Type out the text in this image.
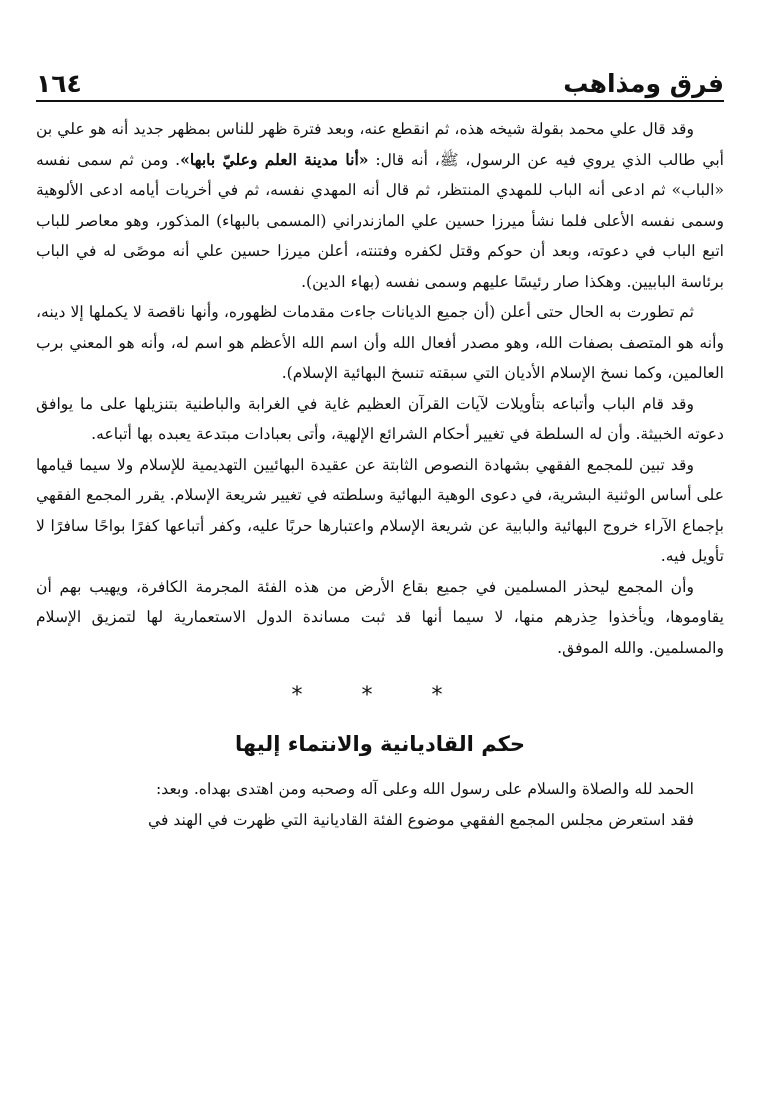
فرق ومذاهب
١٦٤

وقد قال علي محمد بقولة شيخه هذه، ثم انقطع عنه، وبعد فترة ظهر للناس بمظهر جديد أنه هو علي بن أبي طالب الذي يروي فيه عن الرسول، ﷺ، أنه قال: «أنا مدينة العلم وعليّ بابها». ومن ثم سمى نفسه «الباب» ثم ادعى أنه الباب للمهدي المنتظر، ثم قال أنه المهدي نفسه، ثم في أخريات أيامه ادعى الألوهية وسمى نفسه الأعلى فلما نشأ ميرزا حسين علي المازندراني (المسمى بالبهاء) المذكور، وهو معاصر للباب اتبع الباب في دعوته، وبعد أن حوكم وقتل لكفره وفتنته، أعلن ميرزا حسين علي أنه موصًى له في الباب برئاسة البابيين. وهكذا صار رئيسًا عليهم وسمى نفسه (بهاء الدين).

ثم تطورت به الحال حتى أعلن (أن جميع الديانات جاءت مقدمات لظهوره، وأنها ناقصة لا يكملها إلا دينه، وأنه هو المتصف بصفات الله، وهو مصدر أفعال الله وأن اسم الله الأعظم هو اسم له، وأنه هو المعني برب العالمين، وكما نسخ الإسلام الأديان التي سبقته تنسخ البهائية الإسلام).

وقد قام الباب وأتباعه بتأويلات لآيات القرآن العظيم غاية في الغرابة والباطنية بتنزيلها على ما يوافق دعوته الخبيثة. وأن له السلطة في تغيير أحكام الشرائع الإلهية، وأتى بعبادات مبتدعة يعبده بها أتباعه.

وقد تبين للمجمع الفقهي بشهادة النصوص الثابتة عن عقيدة البهائيين التهديمية للإسلام ولا سيما قيامها على أساس الوثنية البشرية، في دعوى الوهية البهائية وسلطته في تغيير شريعة الإسلام. يقرر المجمع الفقهي بإجماع الآراء خروج البهائية والبابية عن شريعة الإسلام واعتبارها حربًا عليه، وكفر أتباعها كفرًا بواحًا سافرًا لا تأويل فيه.

وأن المجمع ليحذر المسلمين في جميع بقاع الأرض من هذه الفئة المجرمة الكافرة، ويهيب بهم أن يقاوموها، ويأخذوا حِذرهم منها، لا سيما أنها قد ثبت مساندة الدول الاستعمارية لها لتمزيق الإسلام والمسلمين. والله الموفق.

* * *
حكم القاديانية والانتماء إليها

الحمد لله والصلاة والسلام على رسول الله وعلى آله وصحبه ومن اهتدى بهداه. وبعد:

فقد استعرض مجلس المجمع الفقهي موضوع الفئة القاديانية التي ظهرت في الهند في
